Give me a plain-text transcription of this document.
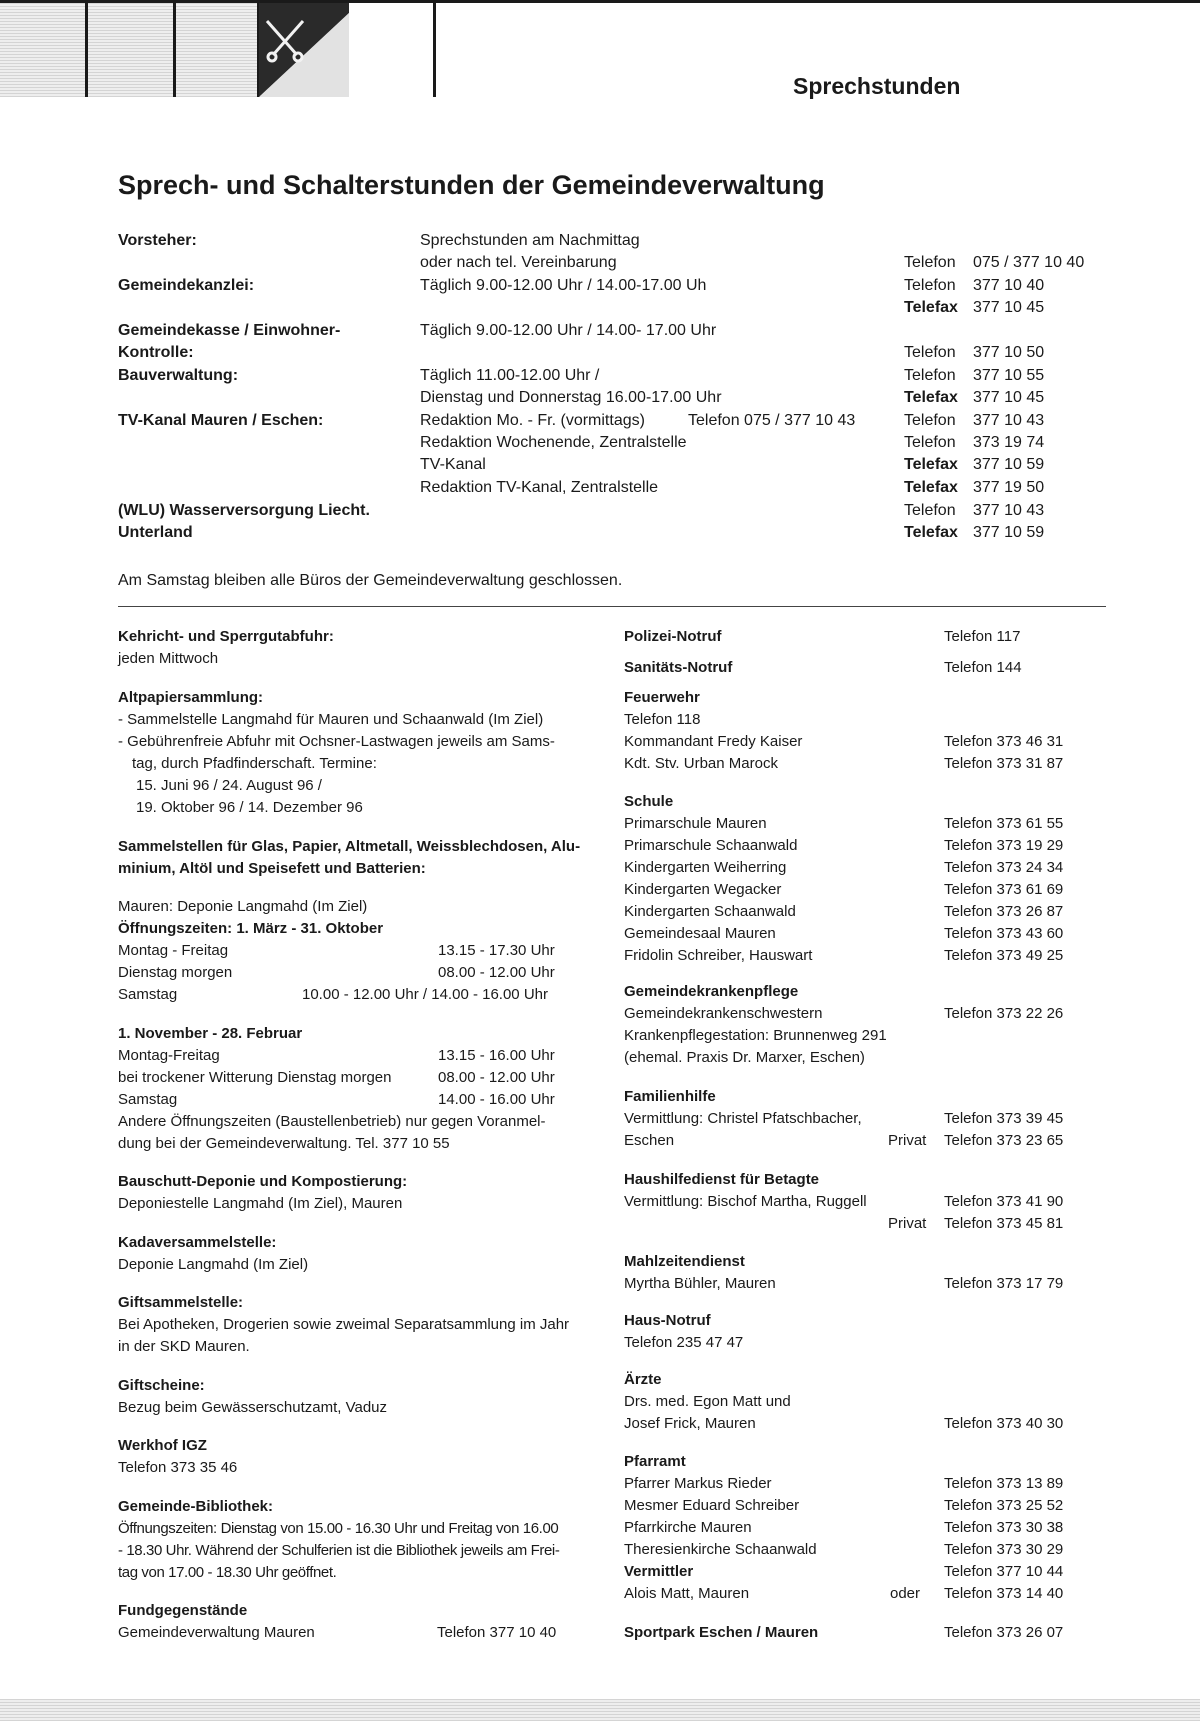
Sprechstunden
Sprech- und Schalterstunden der Gemeindeverwaltung
Vorsteher:	Sprechstunden am Nachmittag
oder nach tel. Vereinbarung	Telefon 075 / 377 10 40
Gemeindekanzlei:	Täglich 9.00-12.00 Uhr / 14.00-17.00 Uh	Telefon 377 10 40
Telefax 377 10 45
Gemeindekasse / Einwohner-	Täglich 9.00-12.00 Uhr / 14.00- 17.00 Uhr
Kontrolle:	Telefon 377 10 50
Bauverwaltung:	Täglich 11.00-12.00 Uhr /	Telefon 377 10 55
Dienstag und Donnerstag 16.00-17.00 Uhr	Telefax 377 10 45
TV-Kanal Mauren / Eschen:	Redaktion Mo. - Fr. (vormittags)	Telefon 075 / 377 10 43	Telefon 377 10 43
Redaktion Wochenende, Zentralstelle	Telefon 373 19 74
TV-Kanal	Telefax 377 10 59
Redaktion TV-Kanal, Zentralstelle	Telefax 377 19 50
(WLU) Wasserversorgung Liecht.	Telefon 377 10 43
Unterland	Telefax 377 10 59
Am Samstag bleiben alle Büros der Gemeindeverwaltung geschlossen.
Kehricht- und Sperrgutabfuhr:
jeden Mittwoch
Altpapiersammlung:
- Sammelstelle Langmahd für Mauren und Schaanwald (Im Ziel)
- Gebührenfreie Abfuhr mit Ochsner-Lastwagen jeweils am Sams-
tag, durch Pfadfinderschaft. Termine:
15. Juni 96 / 24. August 96 /
19. Oktober 96 / 14. Dezember 96
Sammelstellen für Glas, Papier, Altmetall, Weissblechdosen, Alu-
minium, Altöl und Speisefett und Batterien:
Mauren: Deponie Langmahd (Im Ziel)
Öffnungszeiten: 1. März - 31. Oktober
Montag - Freitag	13.15 - 17.30 Uhr
Dienstag morgen	08.00 - 12.00 Uhr
Samstag	10.00 - 12.00 Uhr / 14.00 - 16.00 Uhr
1. November - 28. Februar
Montag-Freitag	13.15 - 16.00 Uhr
bei trockener Witterung Dienstag morgen	08.00 - 12.00 Uhr
Samstag	14.00 - 16.00 Uhr
Andere Öffnungszeiten (Baustellenbetrieb) nur gegen Voranmel-
dung bei der Gemeindeverwaltung. Tel. 377 10 55
Bauschutt-Deponie und Kompostierung:
Deponiestelle Langmahd (Im Ziel), Mauren
Kadaversammelstelle:
Deponie Langmahd (Im Ziel)
Giftsammelstelle:
Bei Apotheken, Drogerien sowie zweimal Separatsammlung im Jahr
in der SKD Mauren.
Giftscheine:
Bezug beim Gewässerschutzamt, Vaduz
Werkhof IGZ
Telefon 373 35 46
Gemeinde-Bibliothek:
Öffnungszeiten: Dienstag von 15.00 - 16.30 Uhr und Freitag von 16.00
- 18.30 Uhr. Während der Schulferien ist die Bibliothek jeweils am Frei-
tag von 17.00 - 18.30 Uhr geöffnet.
Fundgegenstände
Gemeindeverwaltung Mauren	Telefon 377 10 40
Polizei-Notruf	Telefon 117
Sanitäts-Notruf	Telefon 144
Feuerwehr
Telefon 118
Kommandant Fredy Kaiser	Telefon 373 46 31
Kdt. Stv. Urban Marock	Telefon 373 31 87
Schule
Primarschule Mauren	Telefon 373 61 55
Primarschule Schaanwald	Telefon 373 19 29
Kindergarten Weiherring	Telefon 373 24 34
Kindergarten Wegacker	Telefon 373 61 69
Kindergarten Schaanwald	Telefon 373 26 87
Gemeindesaal Mauren	Telefon 373 43 60
Fridolin Schreiber, Hauswart	Telefon 373 49 25
Gemeindekrankenpflege
Gemeindekrankenschwestern	Telefon 373 22 26
Krankenpflegestation: Brunnenweg 291
(ehemal. Praxis Dr. Marxer, Eschen)
Familienhilfe
Vermittlung: Christel Pfatschbacher,	Telefon 373 39 45
Eschen	Privat Telefon 373 23 65
Haushilfedienst für Betagte
Vermittlung: Bischof Martha, Ruggell	Telefon 373 41 90
Privat Telefon 373 45 81
Mahlzeitendienst
Myrtha Bühler, Mauren	Telefon 373 17 79
Haus-Notruf
Telefon 235 47 47
Ärzte
Drs. med. Egon Matt und
Josef Frick, Mauren	Telefon 373 40 30
Pfarramt
Pfarrer Markus Rieder	Telefon 373 13 89
Mesmer Eduard Schreiber	Telefon 373 25 52
Pfarrkirche Mauren	Telefon 373 30 38
Theresienkirche Schaanwald	Telefon 373 30 29
Vermittler	Telefon 377 10 44
Alois Matt, Mauren	oder Telefon 373 14 40
Sportpark Eschen / Mauren	Telefon 373 26 07
